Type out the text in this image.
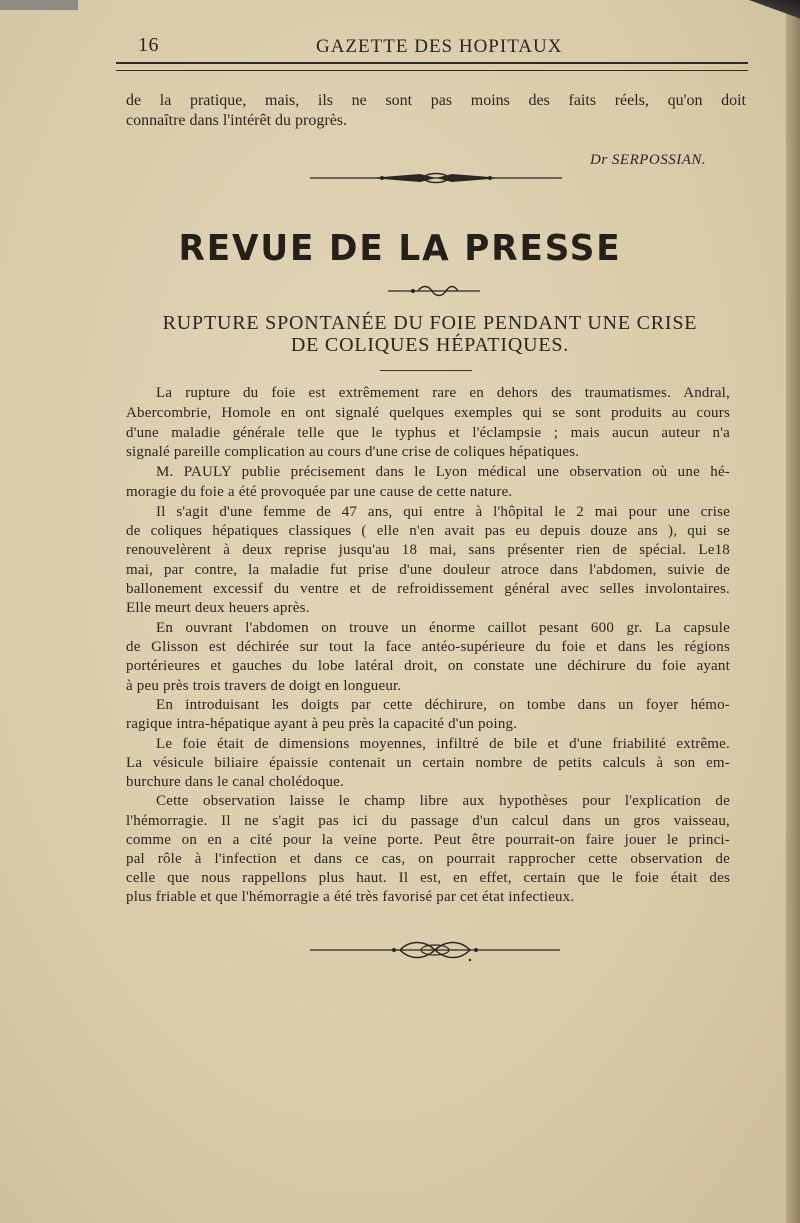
16	GAZETTE DES HOPITAUX
de la pratique, mais, ils ne sont pas moins des faits réels, qu'on doit
connaître dans l'intérêt du progrès.
Dr SERPOSSIAN.
REVUE DE LA PRESSE
RUPTURE SPONTANÉE DU FOIE PENDANT UNE CRISE
DE COLIQUES HÉPATIQUES.
La rupture du foie est extrêmement rare en dehors des traumatismes. Andral,
Abercombrie, Homole en ont signalé quelques exemples qui se sont produits au cours
d'une maladie générale telle que le typhus et l'éclampsie ; mais aucun auteur n'a
signalé pareille complication au cours d'une crise de coliques hépatiques.
M. PAULY publie précisement dans le Lyon médical une observation où une hé-
moragie du foie a été provoquée par une cause de cette nature.
Il s'agit d'une femme de 47 ans, qui entre à l'hôpital le 2 mai pour une crise
de coliques hépatiques classiques ( elle n'en avait pas eu depuis douze ans ), qui se
renouvelèrent à deux reprise jusqu'au 18 mai, sans présenter rien de spécial. Le18
mai, par contre, la maladie fut prise d'une douleur atroce dans l'abdomen, suivie de
ballonement excessif du ventre et de refroidissement général avec selles involontaires.
Elle meurt deux heuers après.
En ouvrant l'abdomen on trouve un énorme caillot pesant 600 gr. La capsule
de Glisson est déchirée sur tout la face antéo-supérieure du foie et dans les régions
portérieures et gauches du lobe latéral droit, on constate une déchirure du foie ayant
à peu près trois travers de doigt en longueur.
En introduisant les doigts par cette déchirure, on tombe dans un foyer hémo-
ragique intra-hépatique ayant à peu près la capacité d'un poing.
Le foie était de dimensions moyennes, infiltré de bile et d'une friabilité extrême.
La vésicule biliaire épaissie contenait un certain nombre de petits calculs à son em-
burchure dans le canal cholédoque.
Cette observation laisse le champ libre aux hypothèses pour l'explication de
l'hémorragie. Il ne s'agit pas ici du passage d'un calcul dans un gros vaisseau,
comme on en a cité pour la veine porte. Peut être pourrait-on faire jouer le princi-
pal rôle à l'infection et dans ce cas, on pourrait rapprocher cette observation de
celle que nous rappellons plus haut. Il est, en effet, certain que le foie était des
plus friable et que l'hémorragie a été très favorisé par cet état infectieux.
